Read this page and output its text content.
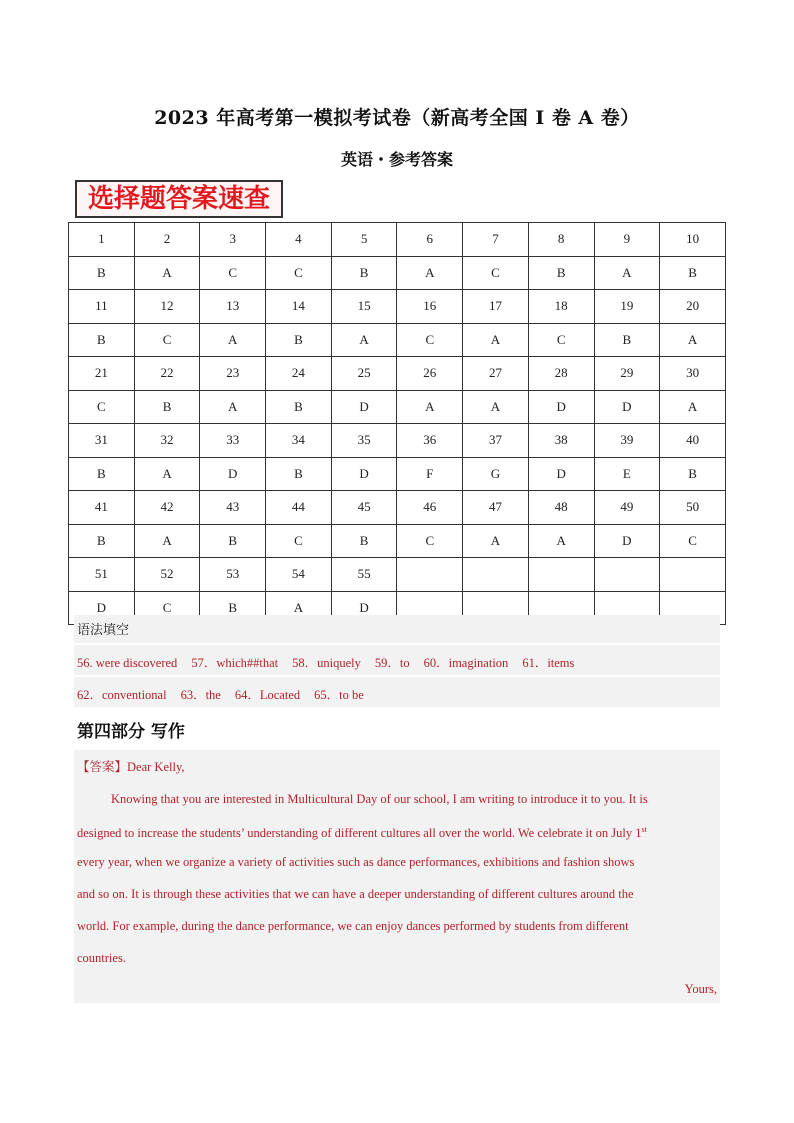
2023 年高考第一模拟考试卷（新高考全国 I 卷 A 卷）
英语・参考答案
选择题答案速查
1	2	3	4	5	6	7	8	9	10
B	A	C	C	B	A	C	B	A	B
11	12	13	14	15	16	17	18	19	20
B	C	A	B	A	C	A	C	B	A
21	22	23	24	25	26	27	28	29	30
C	B	A	B	D	A	A	D	D	A
31	32	33	34	35	36	37	38	39	40
B	A	D	B	D	F	G	D	E	B
41	42	43	44	45	46	47	48	49	50
B	A	B	C	B	C	A	A	D	C
51	52	53	54	55					
D	C	B	A	D					
语法填空
56. were discovered 57．which##that 58．uniquely 59．to 60．imagination 61．items
62．conventional 63．the 64．Located 65．to be
第四部分 写作
【答案】Dear Kelly,
Knowing that you are interested in Multicultural Day of our school, I am writing to introduce it to you. It is
designed to increase the students’ understanding of different cultures all over the world. We celebrate it on July 1st
every year, when we organize a variety of activities such as dance performances, exhibitions and fashion shows
and so on. It is through these activities that we can have a deeper understanding of different cultures around the
world. For example, during the dance performance, we can enjoy dances performed by students from different
countries.
Yours,
